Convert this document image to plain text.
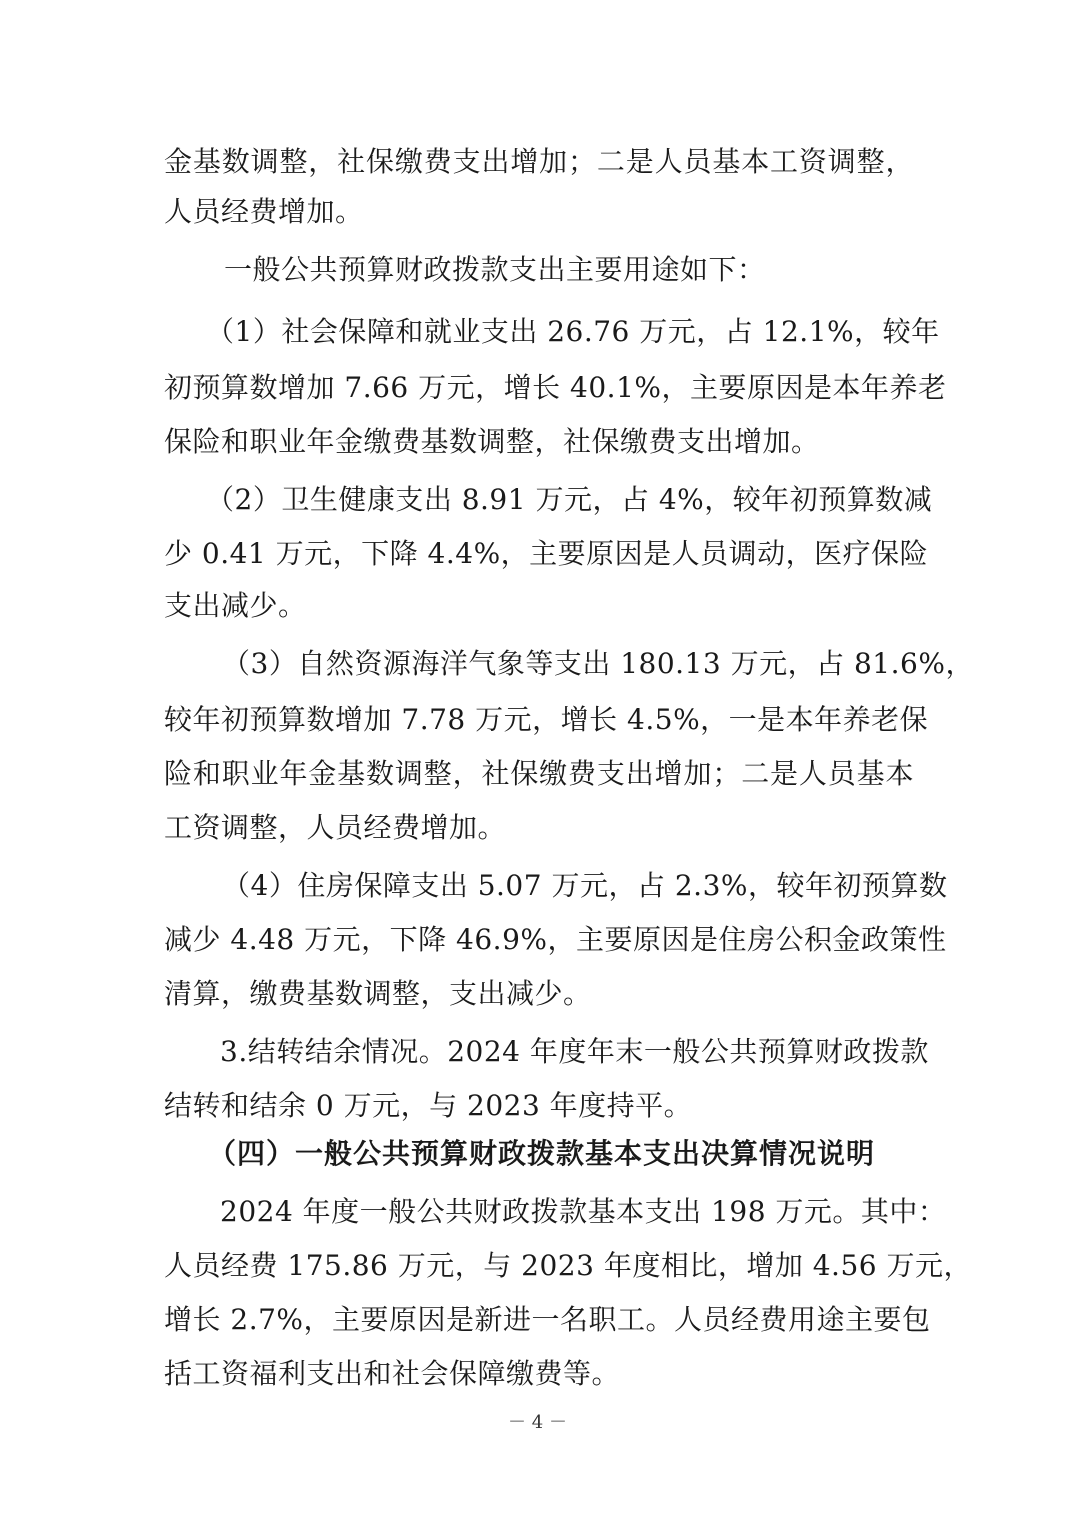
金基数调整，社保缴费支出增加；二是人员基本工资调整，
人员经费增加。
一般公共预算财政拨款支出主要用途如下：
（1）社会保障和就业支出 26.76 万元，占 12.1%，较年
初预算数增加 7.66 万元，增长 40.1%，主要原因是本年养老
保险和职业年金缴费基数调整，社保缴费支出增加。
（2）卫生健康支出 8.91 万元，占 4%，较年初预算数减
少 0.41 万元，下降 4.4%，主要原因是人员调动，医疗保险
支出减少。
（3）自然资源海洋气象等支出 180.13 万元，占 81.6%，
较年初预算数增加 7.78 万元，增长 4.5%，一是本年养老保
险和职业年金基数调整，社保缴费支出增加；二是人员基本
工资调整，人员经费增加。
（4）住房保障支出 5.07 万元，占 2.3%，较年初预算数
减少 4.48 万元，下降 46.9%，主要原因是住房公积金政策性
清算，缴费基数调整，支出减少。
3.结转结余情况。2024 年度年末一般公共预算财政拨款
结转和结余 0 万元，与 2023 年度持平。
（四）一般公共预算财政拨款基本支出决算情况说明
2024 年度一般公共财政拨款基本支出 198 万元。其中：
人员经费 175.86 万元，与 2023 年度相比，增加 4.56 万元，
增长 2.7%，主要原因是新进一名职工。人员经费用途主要包
括工资福利支出和社会保障缴费等。
－ 4 －
